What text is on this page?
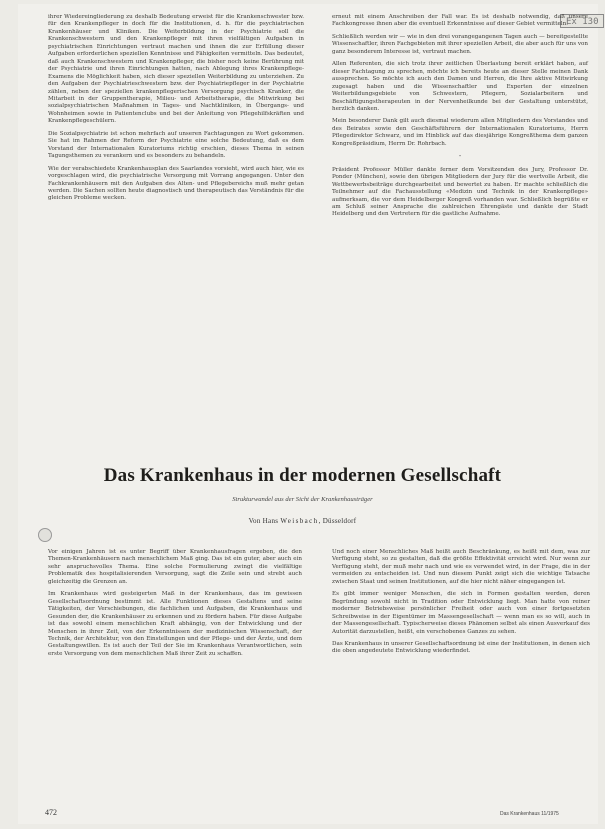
Ex 130

ihrer Wiedereingliederung zu deshalb Bedeutung erweist für die Krankenschwester bzw. für den Krankenpfleger in doch für die Institutionen, d. h. für die psychiatrischen Krankenhäuser und Kliniken. Die Weiterbildung in der Psychiatrie soll die Krankenschwestern und den Krankenpfleger mit ihren vielfältigen Aufgaben in psychiatrischen Einrichtungen vertraut machen und ihnen die zur Erfüllung dieser Aufgaben erforderlichen speziellen Kenntnisse und Fähigkeiten vermitteln. Das bedeutet, daß auch Krankenschwestern und Krankenpfleger, die bisher noch keine Berührung mit der Psychiatrie und ihren Einrichtungen hatten, nach Ablegung ihres Krankenpflege-Examens die Möglichkeit haben, sich dieser speziellen Weiterbildung zu unterziehen. Zu den Aufgaben der Psychiatrieschwestern bzw. der Psychiatriepfleger in der Psychiatrie zählen, neben der speziellen krankenpflegerischen Versorgung psychisch Kranker, die Mitarbeit in der Gruppentherapie, Milieu- und Arbeitstherapie, die Mitwirkung bei sozialpsychiatrischen Maßnahmen in Tages- und Nachtkliniken, in Übergangs- und Wohnheimen sowie in Patientenclubs und bei der Anleitung von Pflegehilfskräften und Krankenpflegeschülern.

Die Sozialpsychiatrie ist schon mehrfach auf unseren Fachtagungen zu Wort gekommen. Sie hat im Rahmen der Reform der Psychiatrie eine solche Bedeutung, daß es dem Vorstand der Internationalen Kuratoriums richtig erschien, dieses Thema in seinen Tagungsthemen zu verankern und es besonders zu behandeln.

Wie der verabschiedete Krankenhausplan des Saarlandes vorsieht, wird auch hier, wie es vorgeschlagen wird, die psychiatrische Versorgung mit Vorrang angegangen. Unter den Fachkrankenhäusern mit den Aufgaben des Alten- und Pflegebereichs muß mehr getan werden. Die Sachen sollten heute diagnostisch und therapeutisch das Verständnis für die gleichen Probleme wecken.

erneut mit einem Anschreiben der Fall war. Es ist deshalb notwendig, daß unsere Fachkongresse ihnen aber die eventuell Erkenntnisse auf dieser Gebiet vermitteln.

Schließlich werden wir — wie in den drei vorangegangenen Tagen auch — bereitgestellte Wissenschaftler, ihren Fachgebieten mit ihrer speziellen Arbeit, die aber auch für uns von ganz besonderem Interesse ist, vertraut machen.

Allen Referenten, die sich trotz ihrer zeitlichen Überlastung bereit erklärt haben, auf dieser Fachtagung zu sprechen, möchte ich bereits heute an dieser Stelle meinen Dank aussprechen. So möchte ich auch den Damen und Herren, die Ihre aktive Mitwirkung zugesagt haben und die Wissenschaftler und Experten der einzelnen Weiterbildungsgebiete von Schwestern, Pflegern, Sozialarbeitern und Beschäftigungstherapeuten in der Nervenheilkunde bei der Gestaltung unterstützt, herzlich danken.

Mein besonderer Dank gilt auch diesmal wiederum allen Mitgliedern des Vorstandes und des Beirates sowie den Geschäftsführern der Internationalen Kuratoriums, Herrn Pflegedirektor Schwarz, und im Hinblick auf das diesjährige Kongreßthema dem ganzen Kongreßpräsidium, Herrn Dr. Rohrbach.

-

Präsident Professor Müller dankte ferner dem Vorsitzenden des Jury, Professor Dr. Ponder (München), sowie den übrigen Mitgliedern der Jury für die wertvolle Arbeit, die Wettbewerbsbeiträge durchgearbeitet und bewertet zu haben. Er machte schließlich die Teilnehmer auf die Fachausstellung «Medizin und Technik in der Krankenpflege» aufmerksam, die vor dem Heidelberger Kongreß vorhanden war. Schließlich begrüßte er am Schluß seiner Ansprache die zahlreichen Ehrengäste und dankte der Stadt Heidelberg und den Vertretern für die gastliche Aufnahme.

Vor einigen Jahren ist es unter Begriff über Krankenhausfragen ergeben, die den Themen-Krankenhäusern nach menschlichem Maß ging. Das ist ein guter, aber auch ein sehr anspruchsvolles Thema. Eine solche Formulierung zwingt die vielfältige Problematik des hospitalisierenden Versorgung, sagt die Zeile sein und strebt auch gleichzeitig die Grenzen an.

Im Krankenhaus wird gesteigerten Maß in der Krankenhaus, das im gewissen Gesellschaftsordnung bestimmt ist. Alle Funktionen dieses Gestaltens und seine Tätigkeiten, der Verschiebungen, die fachlichen und Aufgaben, die Krankenhaus und Gesunden der, die Krankenhäuser zu erkennen und zu fördern haben. Für diese Aufgabe ist das sowohl einem menschlichen Kraft abhängig, von der Entwicklung und der Menschen in ihrer Zeit, von der Erkenntnissen der medizinischen Wissenschaft, der Technik, der Architektur, von den Einstellungen und der Pflege- und der Ärzte, und dem Gestaltungswillen. Es ist auch der Teil der Sie im Krankenhaus Verantwortlichen, sein erste Versorgung von dem menschlichen Maß ihrer Zeit zu schaffen.

Und noch einer Menschliches Maß heißt auch Beschränkung, es heißt mit dem, was zur Verfügung steht, so zu gestalten, daß die größte Effektivität erreicht wird. Nur wenn zur Verfügung steht, der muß mehr nach und wie es verwendet wird, in der Frage, die in der vermeiden zu entscheiden ist. Und nun diesem Punkt zeigt sich die wichtige Tatsache zwischen Staat und seinen Institutionen, auf die hier nicht näher eingegangen ist.

Es gibt immer weniger Menschen, die sich in Formen gestalten werden, deren Begründung sowohl nicht in Tradition oder Entwicklung liegt. Man hatte von reiner moderner Betriebsweise persönlicher Freiheit oder auch von einer fortgesetzten Schreibweise in der Eigentümer im Massengesellschaft — wenn man es so will, auch in der Massengesellschaft. Typischerweise dieses Phänomen selbst als einen Ausverkauf des Autorität darzustellen, heißt, ein verschobenes Ganzes zu sehen.

Das Krankenhaus in unserer Gesellschaftsordnung ist eine der Institutionen, in denen sich die oben angedeutete Entwicklung wiederfindet.

Das Krankenhaus in der modernen Gesellschaft
Strukturwandel aus der Sicht der Krankenhausträger
Von Hans Weisbach, Düsseldorf
472	Das Krankenhaus 11/1975
